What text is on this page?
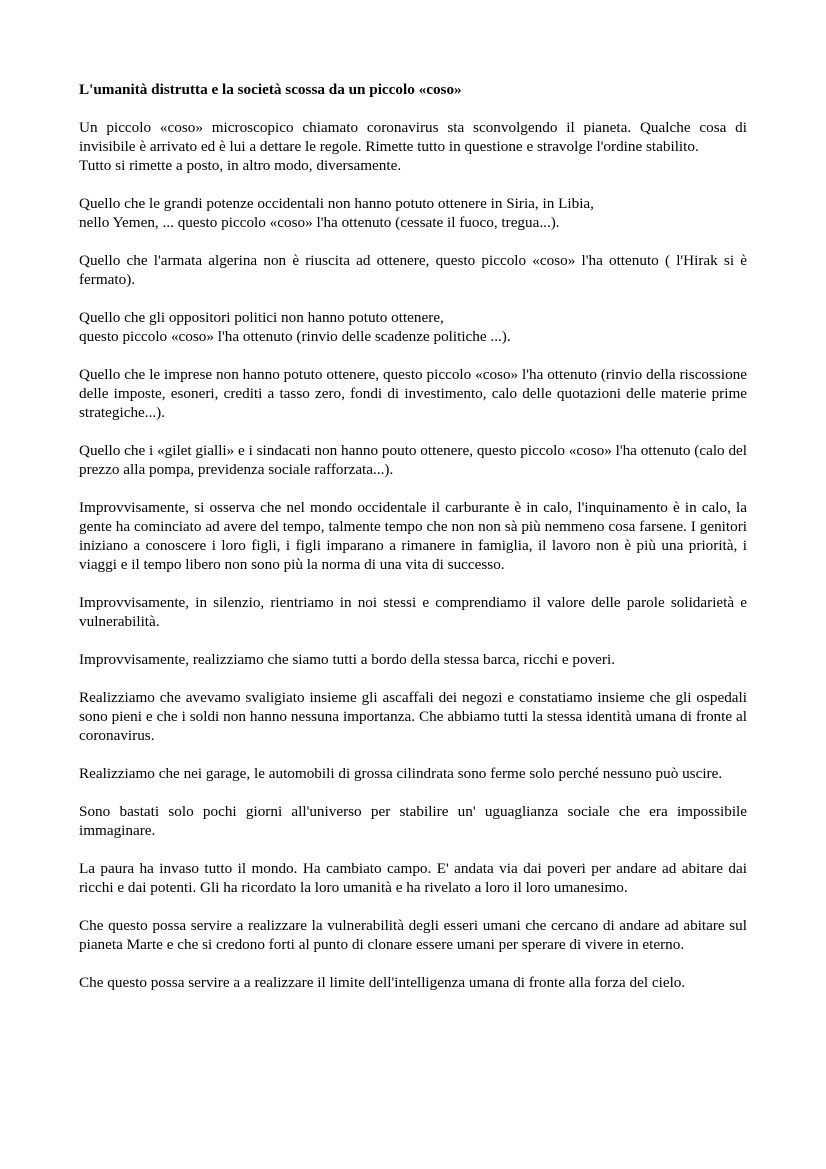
L'umanità distrutta e la società scossa da un piccolo «coso»

Un piccolo «coso» microscopico chiamato coronavirus sta sconvolgendo il pianeta. Qualche cosa di invisibile è arrivato ed è lui a dettare le regole. Rimette tutto in questione e stravolge l'ordine stabilito.

Tutto si rimette a posto, in altro modo, diversamente.

Quello che le grandi potenze occidentali non hanno potuto ottenere in Siria, in Libia,
nello Yemen, ... questo piccolo «coso» l'ha ottenuto (cessate il fuoco, tregua...).

Quello che l'armata algerina non è riuscita ad ottenere, questo piccolo «coso» l'ha ottenuto ( l'Hirak si è fermato).

Quello che gli oppositori politici non hanno potuto ottenere,
questo piccolo «coso» l'ha ottenuto (rinvio delle scadenze politiche ...).

Quello che le imprese non hanno potuto ottenere, questo piccolo «coso» l'ha ottenuto (rinvio della riscossione delle imposte, esoneri, crediti a tasso zero, fondi di investimento, calo delle quotazioni delle materie prime strategiche...).

Quello che i «gilet gialli» e i sindacati non hanno pouto ottenere, questo piccolo «coso» l'ha ottenuto (calo del prezzo alla pompa, previdenza sociale rafforzata...).

Improvvisamente, si osserva che nel mondo occidentale il carburante è in calo, l'inquinamento è in calo, la gente ha cominciato ad avere del tempo, talmente tempo che non non sà più nemmeno cosa farsene. I genitori iniziano a conoscere i loro figli, i figli imparano a rimanere in famiglia, il lavoro non è più una priorità, i viaggi e il tempo libero non sono più la norma di una vita di successo.

Improvvisamente, in silenzio, rientriamo in noi stessi e comprendiamo il valore delle parole solidarietà e vulnerabilità.

Improvvisamente, realizziamo che siamo tutti a bordo della stessa barca, ricchi e poveri.

Realizziamo che avevamo svaligiato insieme gli ascaffali dei negozi e constatiamo insieme che gli ospedali sono pieni e che i soldi non hanno nessuna importanza. Che abbiamo tutti la stessa identità umana di fronte al coronavirus.

Realizziamo che nei garage, le automobili di grossa cilindrata sono ferme solo perché nessuno può uscire.

Sono bastati solo pochi giorni all'universo per stabilire un' uguaglianza sociale che era impossibile immaginare.

La paura ha invaso tutto il mondo. Ha cambiato campo. E' andata via dai poveri per andare ad abitare dai ricchi e dai potenti. Gli ha ricordato la loro umanità e ha rivelato a loro il loro umanesimo.

Che questo possa servire a realizzare la vulnerabilità degli esseri umani che cercano di andare ad abitare sul pianeta Marte e che si credono forti al punto di clonare essere umani per sperare di vivere in eterno.

Che questo possa servire a a realizzare il limite dell'intelligenza umana di fronte alla forza del cielo.
